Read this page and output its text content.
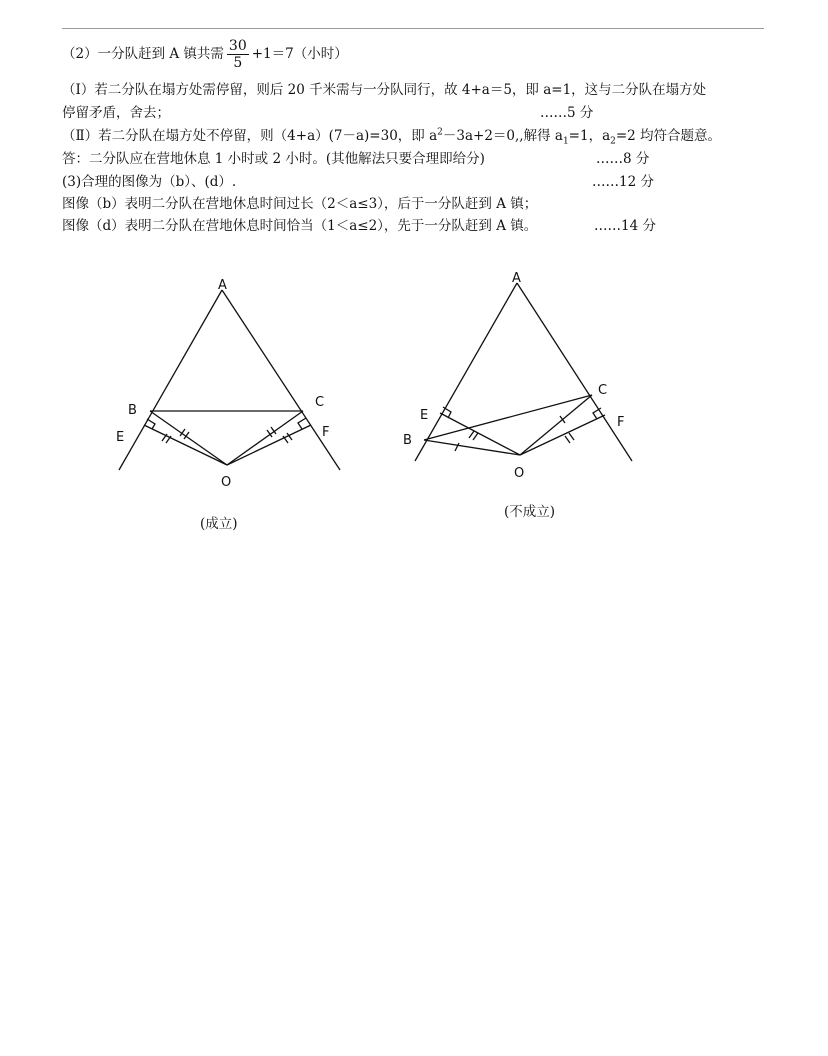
（2）一分队赶到 A 镇共需 $\frac{30}{5} +1=7$（小时）
（Ⅰ）若二分队在塌方处需停留，则后 20 千米需与一分队同行，故 4+a＝5，即 a=1，这与二分队在塌方处
停留矛盾，舍去；	……5 分
（Ⅱ）若二分队在塌方处不停留，则（4+a）(7－a)=30，即 $a^2-3a+2=0$,,解得 $a_1=1$，$a_2=2$ 均符合题意。
答：二分队应在营地休息 1 小时或 2 小时。(其他解法只要合理即给分)	……8 分
(3)合理的图像为（b）、(d）.	……12 分
图像（b）表明二分队在营地休息时间过长（2＜a≤3），后于一分队赶到 A 镇；
图像（d）表明二分队在营地休息时间恰当（1＜a≤2），先于一分队赶到 A 镇。	……14 分
A
B
C
E	F
O
A
B
C
E	F
O
(成立)
(不成立)
